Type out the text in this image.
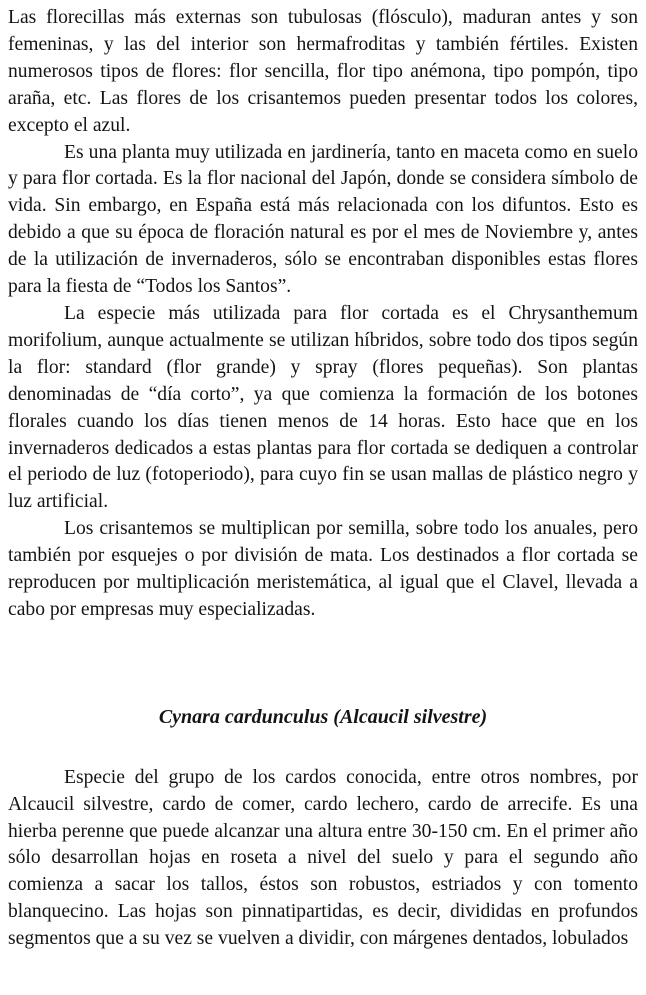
Las florecillas más externas son tubulosas (flósculo), maduran antes y son femeninas, y las del interior son hermafroditas y también fértiles. Existen numerosos tipos de flores: flor sencilla, flor tipo anémona, tipo pompón, tipo araña, etc. Las flores de los crisantemos pueden presentar todos los colores, excepto el azul.

Es una planta muy utilizada en jardinería, tanto en maceta como en suelo y para flor cortada. Es la flor nacional del Japón, donde se considera símbolo de vida. Sin embargo, en España está más relacionada con los difuntos. Esto es debido a que su época de floración natural es por el mes de Noviembre y, antes de la utilización de invernaderos, sólo se encontraban disponibles estas flores para la fiesta de “Todos los Santos”.

La especie más utilizada para flor cortada es el Chrysanthemum morifolium, aunque actualmente se utilizan híbridos, sobre todo dos tipos según la flor: standard (flor grande) y spray (flores pequeñas). Son plantas denominadas de “día corto”, ya que comienza la formación de los botones florales cuando los días tienen menos de 14 horas. Esto hace que en los invernaderos dedicados a estas plantas para flor cortada se dediquen a controlar el periodo de luz (fotoperiodo), para cuyo fin se usan mallas de plástico negro y luz artificial.

Los crisantemos se multiplican por semilla, sobre todo los anuales, pero también por esquejes o por división de mata. Los destinados a flor cortada se reproducen por multiplicación meristemática, al igual que el Clavel, llevada a cabo por empresas muy especializadas.

Cynara cardunculus (Alcaucil silvestre)

Especie del grupo de los cardos conocida, entre otros nombres, por Alcaucil silvestre, cardo de comer, cardo lechero, cardo de arrecife. Es una hierba perenne que puede alcanzar una altura entre 30-150 cm. En el primer año sólo desarrollan hojas en roseta a nivel del suelo y para el segundo año comienza a sacar los tallos, éstos son robustos, estriados y con tomento blanquecino. Las hojas son pinnatipartidas, es decir, divididas en profundos segmentos que a su vez se vuelven a dividir, con márgenes dentados, lobulados
